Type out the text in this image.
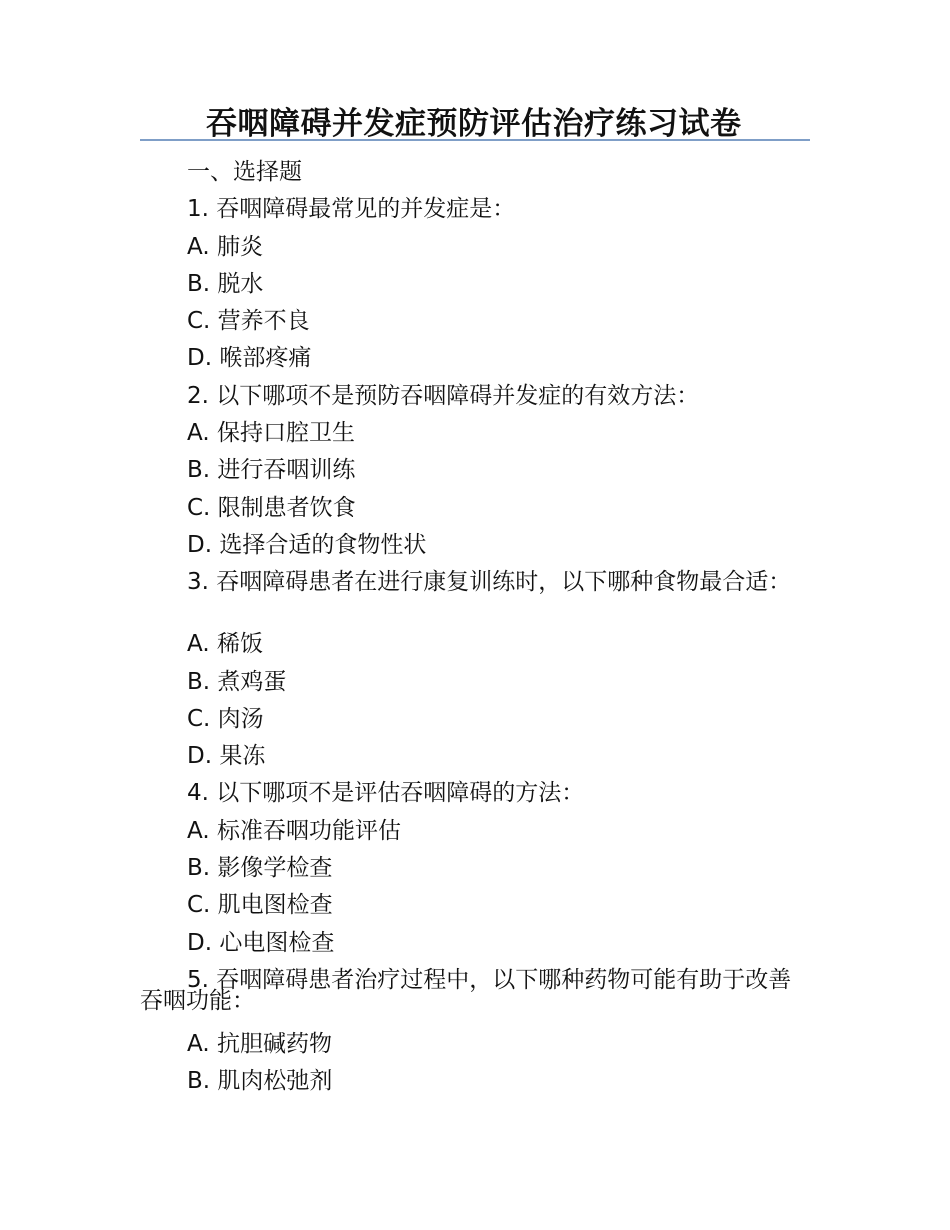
吞咽障碍并发症预防评估治疗练习试卷
一、选择题
1. 吞咽障碍最常见的并发症是：
A. 肺炎
B. 脱水
C. 营养不良
D. 喉部疼痛
2. 以下哪项不是预防吞咽障碍并发症的有效方法：
A. 保持口腔卫生
B. 进行吞咽训练
C. 限制患者饮食
D. 选择合适的食物性状
3. 吞咽障碍患者在进行康复训练时，以下哪种食物最合适：
A. 稀饭
B. 煮鸡蛋
C. 肉汤
D. 果冻
4. 以下哪项不是评估吞咽障碍的方法：
A. 标准吞咽功能评估
B. 影像学检查
C. 肌电图检查
D. 心电图检查
5. 吞咽障碍患者治疗过程中，以下哪种药物可能有助于改善吞咽功能：
A. 抗胆碱药物
B. 肌肉松弛剂
